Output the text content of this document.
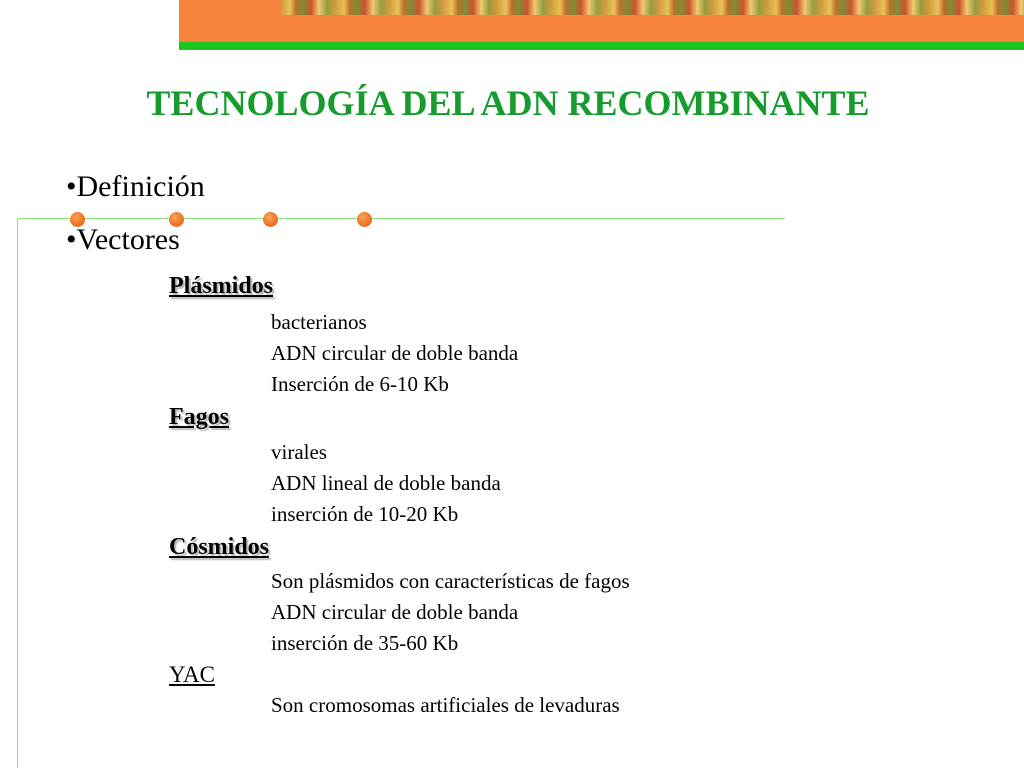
TECNOLOGÍA DEL ADN RECOMBINANTE
•Definición
•Vectores
Plásmidos
bacterianos
ADN circular de doble banda
Inserción de 6-10 Kb
Fagos
virales
ADN lineal de doble banda
inserción de 10-20 Kb
Cósmidos
Son plásmidos con características de fagos
ADN circular de doble banda
inserción de 35-60 Kb
YAC
Son cromosomas artificiales de levaduras
